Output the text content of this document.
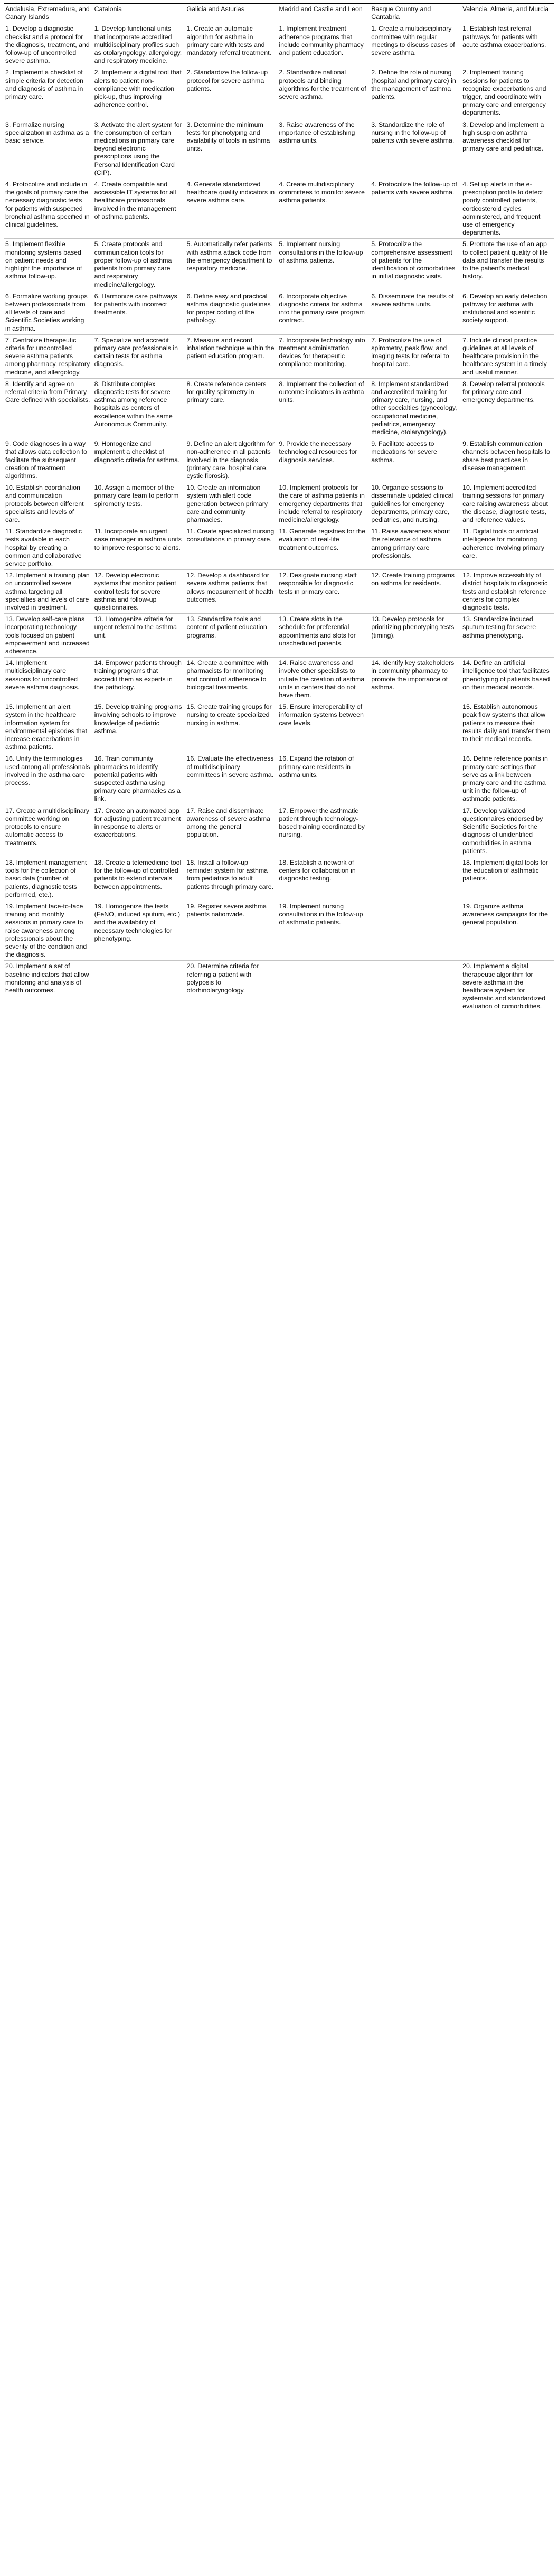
Andalusia, Extremadura, and Canary Islands	Catalonia	Galicia and Asturias	Madrid and Castile and Leon	Basque Country and Cantabria	Valencia, Almeria, and Murcia

1. Develop a diagnostic checklist and a protocol for the diagnosis, treatment, and follow-up of uncontrolled severe asthma.	1. Develop functional units that incorporate accredited multidisciplinary profiles such as otolaryngology, allergology, and respiratory medicine.	1. Create an automatic algorithm for asthma in primary care with tests and mandatory referral treatment.	1. Implement treatment adherence programs that include community pharmacy and patient education.	1. Create a multidisciplinary committee with regular meetings to discuss cases of severe asthma.	1. Establish fast referral pathways for patients with acute asthma exacerbations.

2. Implement a checklist of simple criteria for detection and diagnosis of asthma in primary care.	2. Implement a digital tool that alerts to patient non-compliance with medication pick-up, thus improving adherence control.	2. Standardize the follow-up protocol for severe asthma patients.	2. Standardize national protocols and binding algorithms for the treatment of severe asthma.	2. Define the role of nursing (hospital and primary care) in the management of asthma patients.	2. Implement training sessions for patients to recognize exacerbations and trigger, and coordinate with primary care and emergency departments.

3. Formalize nursing specialization in asthma as a basic service.	3. Activate the alert system for the consumption of certain medications in primary care beyond electronic prescriptions using the Personal Identification Card (CIP).	3. Determine the minimum tests for phenotyping and availability of tools in asthma units.	3. Raise awareness of the importance of establishing asthma units.	3. Standardize the role of nursing in the follow-up of patients with severe asthma.	3. Develop and implement a high suspicion asthma awareness checklist for primary care and pediatrics.

4. Protocolize and include in the goals of primary care the necessary diagnostic tests for patients with suspected bronchial asthma specified in clinical guidelines.	4. Create compatible and accessible IT systems for all healthcare professionals involved in the management of asthma patients.	4. Generate standardized healthcare quality indicators in severe asthma care.	4. Create multidisciplinary committees to monitor severe asthma patients.	4. Protocolize the follow-up of patients with severe asthma.	4. Set up alerts in the e-prescription profile to detect poorly controlled patients, corticosteroid cycles administered, and frequent use of emergency departments.

5. Implement flexible monitoring systems based on patient needs and highlight the importance of asthma follow-up.	5. Create protocols and communication tools for proper follow-up of asthma patients from primary care and respiratory medicine/allergology.	5. Automatically refer patients with asthma attack code from the emergency department to respiratory medicine.	5. Implement nursing consultations in the follow-up of asthma patients.	5. Protocolize the comprehensive assessment of patients for the identification of comorbidities in initial diagnostic visits.	5. Promote the use of an app to collect patient quality of life data and transfer the results to the patient's medical history.

6. Formalize working groups between professionals from all levels of care and Scientific Societies working in asthma.	6. Harmonize care pathways for patients with incorrect treatments.	6. Define easy and practical asthma diagnostic guidelines for proper coding of the pathology.	6. Incorporate objective diagnostic criteria for asthma into the primary care program contract.	6. Disseminate the results of severe asthma units.	6. Develop an early detection pathway for asthma with institutional and scientific society support.

7. Centralize therapeutic criteria for uncontrolled severe asthma patients among pharmacy, respiratory medicine, and allergology.	7. Specialize and accredit primary care professionals in certain tests for asthma diagnosis.	7. Measure and record inhalation technique within the patient education program.	7. Incorporate technology into treatment administration devices for therapeutic compliance monitoring.	7. Protocolize the use of spirometry, peak flow, and imaging tests for referral to hospital care.	7. Include clinical practice guidelines at all levels of healthcare provision in the healthcare system in a timely and useful manner.

8. Identify and agree on referral criteria from Primary Care defined with specialists.	8. Distribute complex diagnostic tests for severe asthma among reference hospitals as centers of excellence within the same Autonomous Community.	8. Create reference centers for quality spirometry in primary care.	8. Implement the collection of outcome indicators in asthma units.	8. Implement standardized and accredited training for primary care, nursing, and other specialties (gynecology, occupational medicine, pediatrics, emergency medicine, otolaryngology).	8. Develop referral protocols for primary care and emergency departments.

9. Code diagnoses in a way that allows data collection to facilitate the subsequent creation of treatment algorithms.	9. Homogenize and implement a checklist of diagnostic criteria for asthma.	9. Define an alert algorithm for non-adherence in all patients involved in the diagnosis (primary care, hospital care, cystic fibrosis).	9. Provide the necessary technological resources for diagnosis services.	9. Facilitate access to medications for severe asthma.	9. Establish communication channels between hospitals to share best practices in disease management.

10. Establish coordination and communication protocols between different specialists and levels of care.	10. Assign a member of the primary care team to perform spirometry tests.	10. Create an information system with alert code generation between primary care and community pharmacies.	10. Implement protocols for the care of asthma patients in emergency departments that include referral to respiratory medicine/allergology.	10. Organize sessions to disseminate updated clinical guidelines for emergency departments, primary care, pediatrics, and nursing.	10. Implement accredited training sessions for primary care raising awareness about the disease, diagnostic tests, and reference values.

11. Standardize diagnostic tests available in each hospital by creating a common and collaborative service portfolio.	11. Incorporate an urgent case manager in asthma units to improve response to alerts.	11. Create specialized nursing consultations in primary care.	11. Generate registries for the evaluation of real-life treatment outcomes.	11. Raise awareness about the relevance of asthma among primary care professionals.	11. Digital tools or artificial intelligence for monitoring adherence involving primary care.

12. Implement a training plan on uncontrolled severe asthma targeting all specialties and levels of care involved in treatment.	12. Develop electronic systems that monitor patient control tests for severe asthma and follow-up questionnaires.	12. Develop a dashboard for severe asthma patients that allows measurement of health outcomes.	12. Designate nursing staff responsible for diagnostic tests in primary care.	12. Create training programs on asthma for residents.	12. Improve accessibility of district hospitals to diagnostic tests and establish reference centers for complex diagnostic tests.

13. Develop self-care plans incorporating technology tools focused on patient empowerment and increased adherence.	13. Homogenize criteria for urgent referral to the asthma unit.	13. Standardize tools and content of patient education programs.	13. Create slots in the schedule for preferential appointments and slots for unscheduled patients.	13. Develop protocols for prioritizing phenotyping tests (timing).	13. Standardize induced sputum testing for severe asthma phenotyping.

14. Implement multidisciplinary care sessions for uncontrolled severe asthma diagnosis.	14. Empower patients through training programs that accredit them as experts in the pathology.	14. Create a committee with pharmacists for monitoring and control of adherence to biological treatments.	14. Raise awareness and involve other specialists to initiate the creation of asthma units in centers that do not have them.	14. Identify key stakeholders in community pharmacy to promote the importance of asthma.	14. Define an artificial intelligence tool that facilitates phenotyping of patients based on their medical records.

15. Implement an alert system in the healthcare information system for environmental episodes that increase exacerbations in asthma patients.	15. Develop training programs involving schools to improve knowledge of pediatric asthma.	15. Create training groups for nursing to create specialized nursing in asthma.	15. Ensure interoperability of information systems between care levels.		15. Establish autonomous peak flow systems that allow patients to measure their results daily and transfer them to their medical records.

16. Unify the terminologies used among all professionals involved in the asthma care process.	16. Train community pharmacies to identify potential patients with suspected asthma using primary care pharmacies as a link.	16. Evaluate the effectiveness of multidisciplinary committees in severe asthma.	16. Expand the rotation of primary care residents in asthma units.		16. Define reference points in primary care settings that serve as a link between primary care and the asthma unit in the follow-up of asthmatic patients.

17. Create a multidisciplinary committee working on protocols to ensure automatic access to treatments.	17. Create an automated app for adjusting patient treatment in response to alerts or exacerbations.	17. Raise and disseminate awareness of severe asthma among the general population.	17. Empower the asthmatic patient through technology-based training coordinated by nursing.		17. Develop validated questionnaires endorsed by Scientific Societies for the diagnosis of unidentified comorbidities in asthma patients.

18. Implement management tools for the collection of basic data (number of patients, diagnostic tests performed, etc.).	18. Create a telemedicine tool for the follow-up of controlled patients to extend intervals between appointments.	18. Install a follow-up reminder system for asthma from pediatrics to adult patients through primary care.	18. Establish a network of centers for collaboration in diagnostic testing.		18. Implement digital tools for the education of asthmatic patients.

19. Implement face-to-face training and monthly sessions in primary care to raise awareness among professionals about the severity of the condition and the diagnosis.	19. Homogenize the tests (FeNO, induced sputum, etc.) and the availability of necessary technologies for phenotyping.	19. Register severe asthma patients nationwide.	19. Implement nursing consultations in the follow-up of asthmatic patients.		19. Organize asthma awareness campaigns for the general population.

20. Implement a set of baseline indicators that allow monitoring and analysis of health outcomes.		20. Determine criteria for referring a patient with polyposis to otorhinolaryngology.			20. Implement a digital therapeutic algorithm for severe asthma in the healthcare system for systematic and standardized evaluation of comorbidities.
